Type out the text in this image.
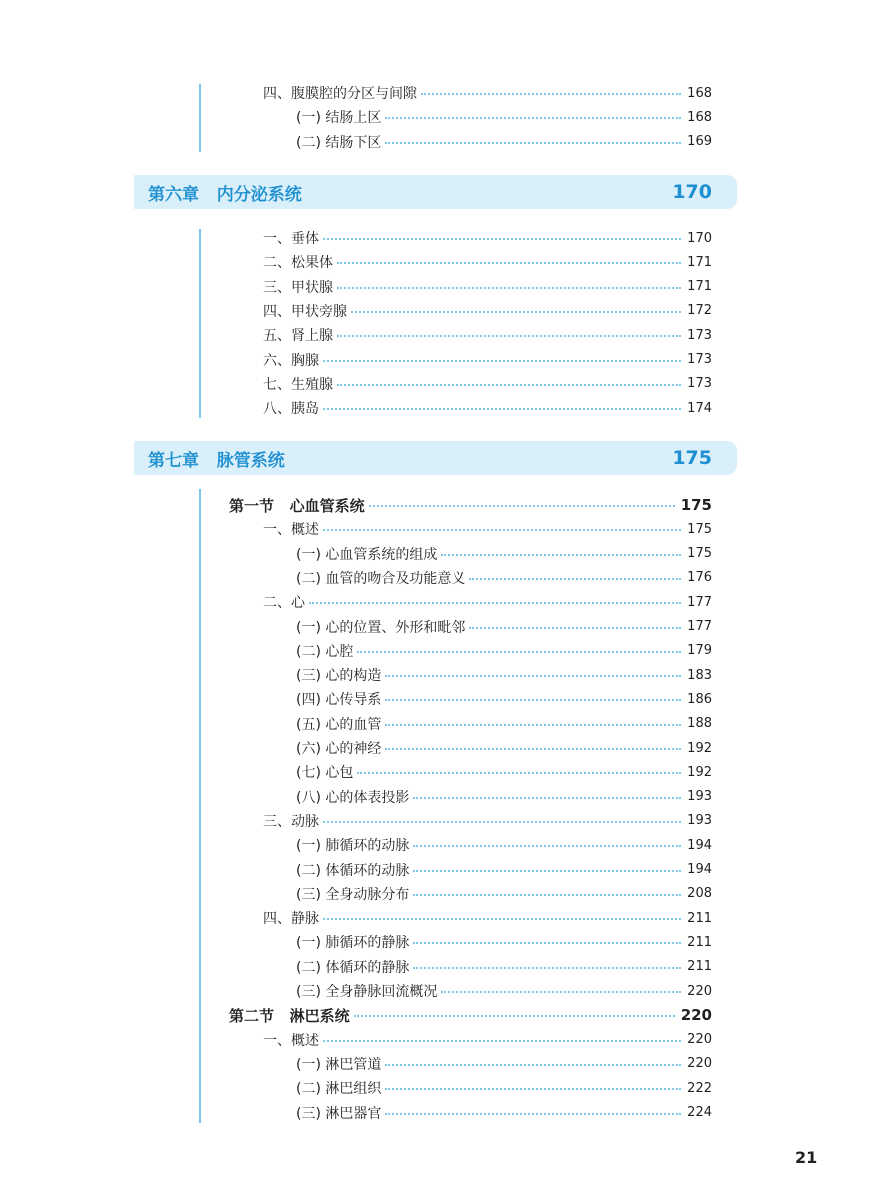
四、腹膜腔的分区与间隙	168
(一) 结肠上区	168
(二) 结肠下区	169
第六章   内分泌系统	170
一、垂体	170
二、松果体	171
三、甲状腺	171
四、甲状旁腺	172
五、肾上腺	173
六、胸腺	173
七、生殖腺	173
八、胰岛	174
第七章   脉管系统	175
第一节   心血管系统	175
一、概述	175
(一) 心血管系统的组成	175
(二) 血管的吻合及功能意义	176
二、心	177
(一) 心的位置、外形和毗邻	177
(二) 心腔	179
(三) 心的构造	183
(四) 心传导系	186
(五) 心的血管	188
(六) 心的神经	192
(七) 心包	192
(八) 心的体表投影	193
三、动脉	193
(一) 肺循环的动脉	194
(二) 体循环的动脉	194
(三) 全身动脉分布	208
四、静脉	211
(一) 肺循环的静脉	211
(二) 体循环的静脉	211
(三) 全身静脉回流概况	220
第二节   淋巴系统	220
一、概述	220
(一) 淋巴管道	220
(二) 淋巴组织	222
(三) 淋巴器官	224
21
